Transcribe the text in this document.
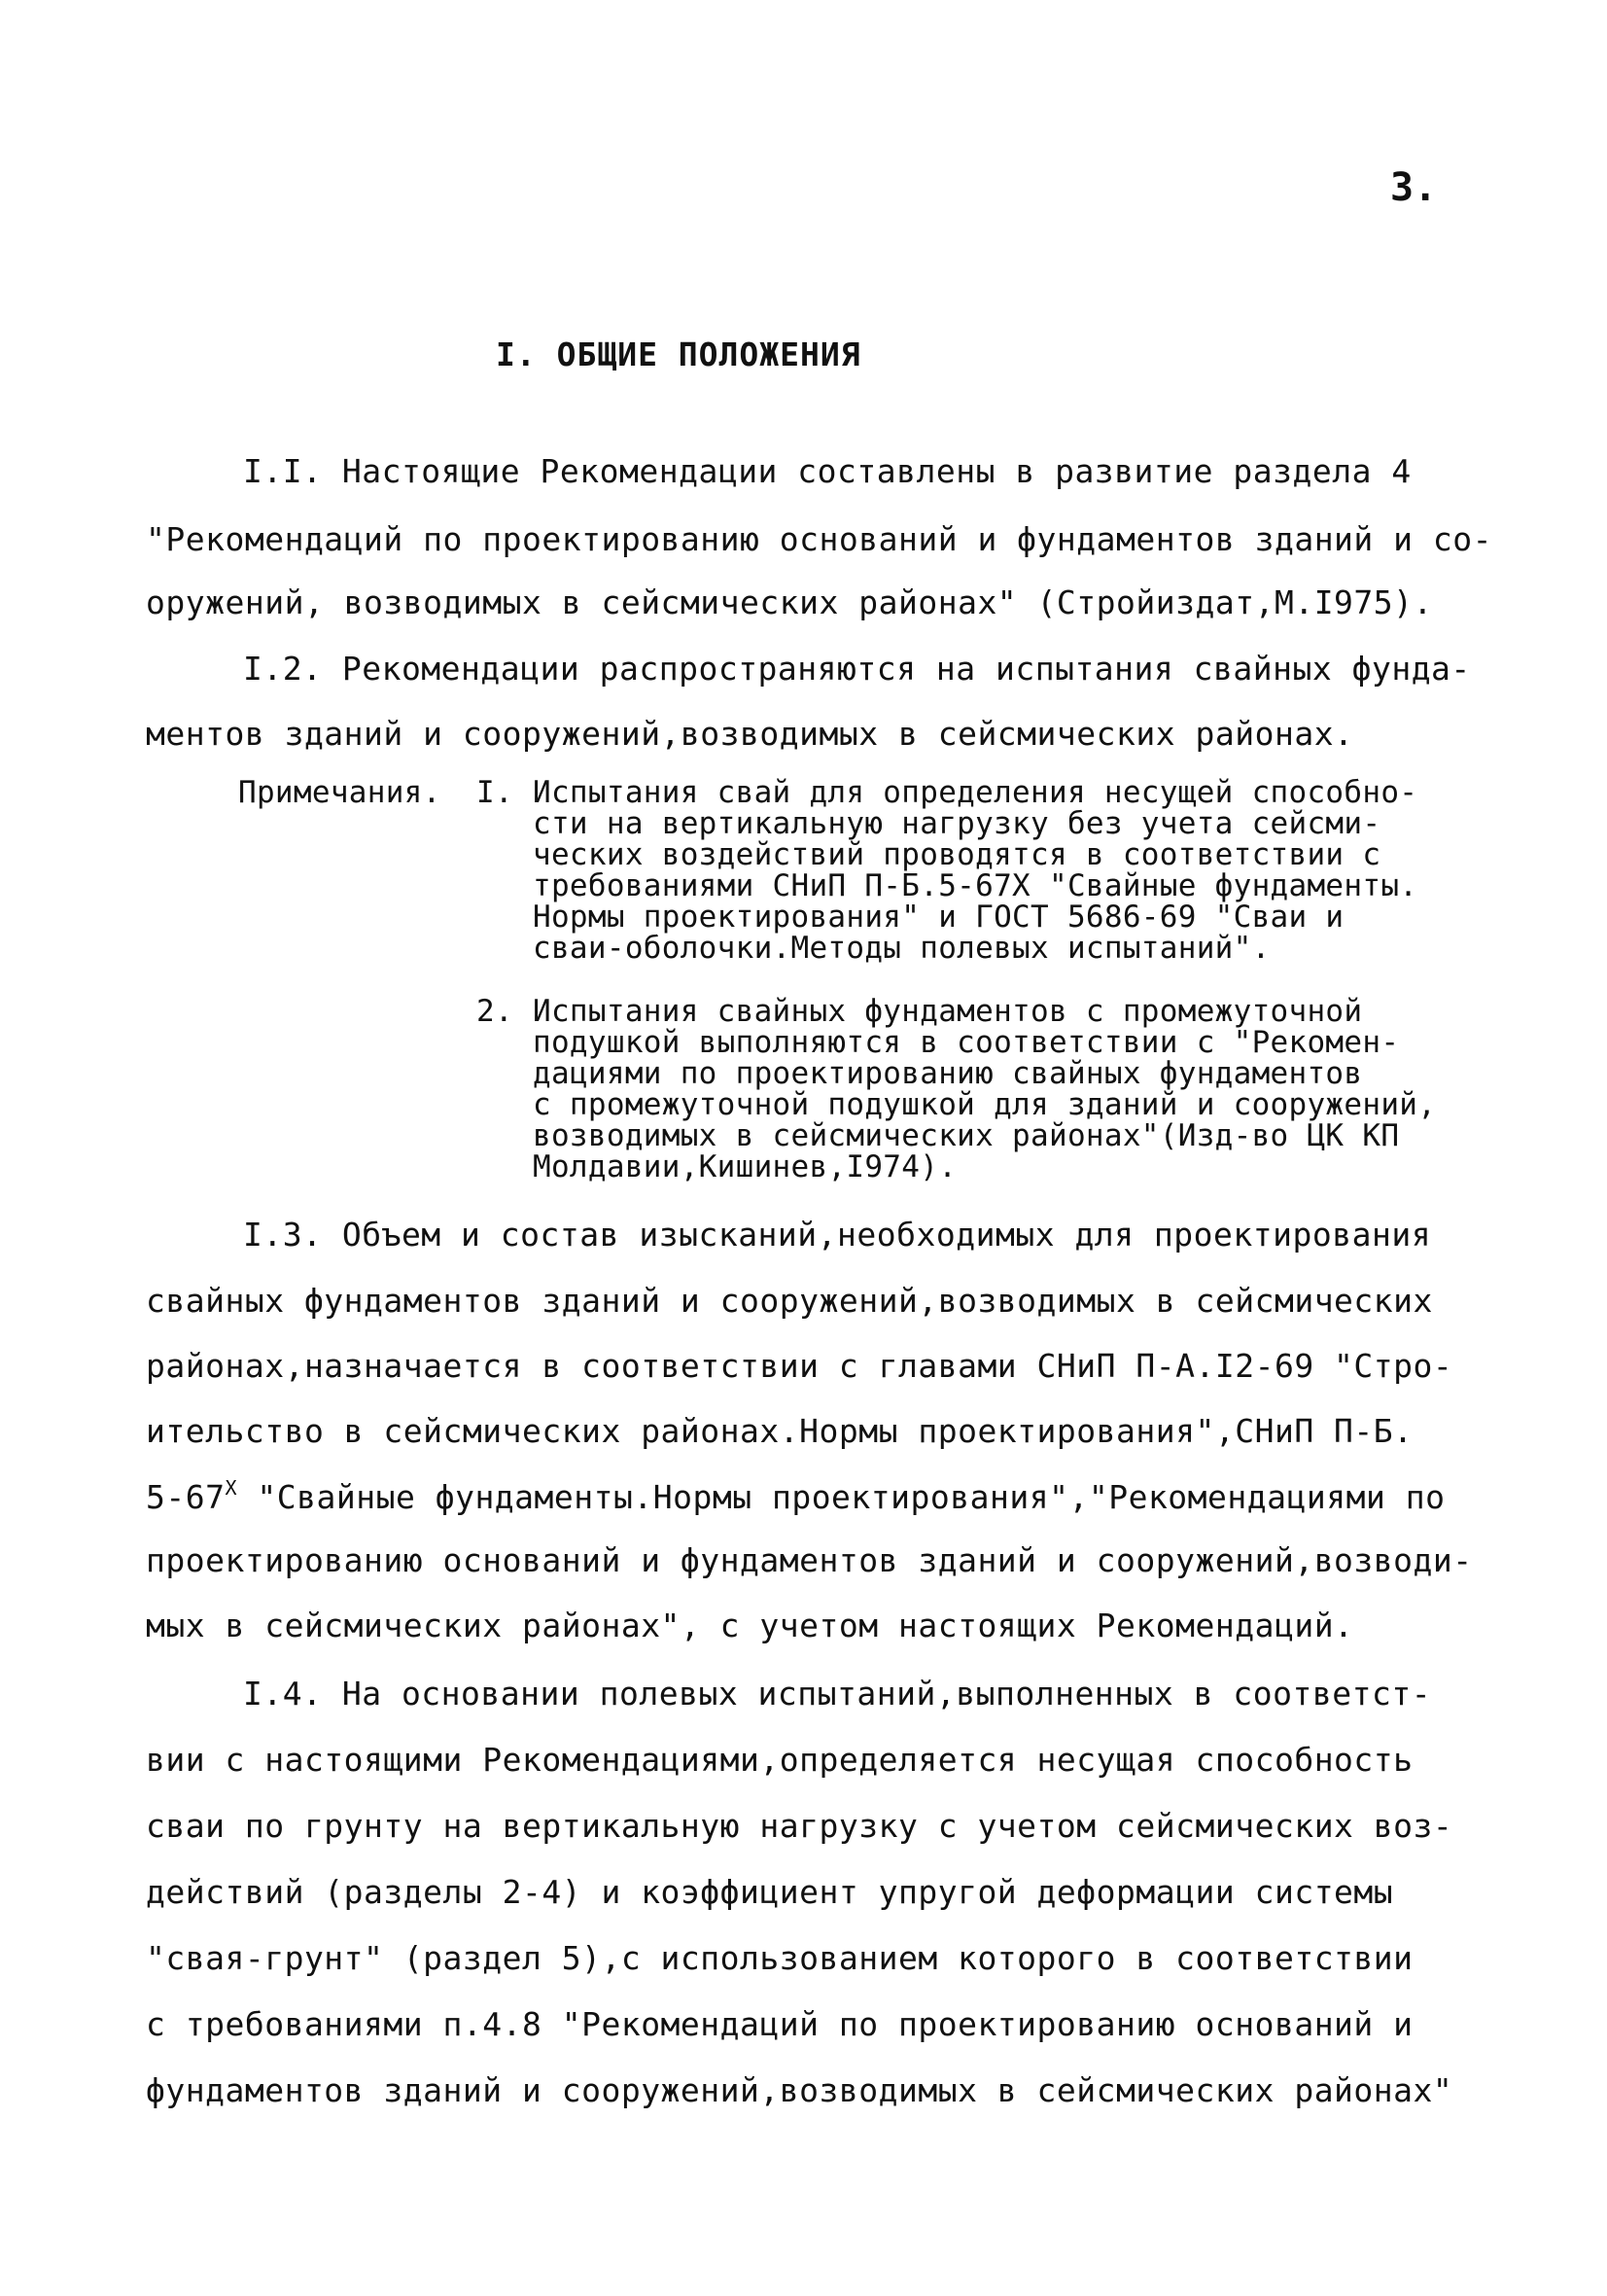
3.
I. ОБЩИЕ ПОЛОЖЕНИЯ
I.I. Настоящие Рекомендации составлены в развитие раздела 4
"Рекомендаций по проектированию оснований и фундаментов зданий и со-
оружений, возводимых в сейсмических районах" (Стройиздат,М.I975).
I.2. Рекомендации распространяются на испытания свайных фунда-
ментов зданий и сооружений,возводимых в сейсмических районах.
Примечания. I. Испытания свай для определения несущей способно-
сти на вертикальную нагрузку без учета сейсми-
ческих воздействий проводятся в соответствии с
требованиями СНиП П-Б.5-67Х "Свайные фундаменты.
Нормы проектирования" и ГОСТ 5686-69 "Сваи и
сваи-оболочки.Методы полевых испытаний".
2. Испытания свайных фундаментов с промежуточной
подушкой выполняются в соответствии с "Рекомен-
дациями по проектированию свайных фундаментов
с промежуточной подушкой для зданий и сооружений,
возводимых в сейсмических районах"(Изд-во ЦК КП
Молдавии,Кишинев,I974).
I.3. Объем и состав изысканий,необходимых для проектирования
свайных фундаментов зданий и сооружений,возводимых в сейсмических
районах,назначается в соответствии с главами СНиП П-А.I2-69 "Стро-
ительство в сейсмических районах.Нормы проектирования",СНиП П-Б.
$5-67^X$ "Свайные фундаменты.Нормы проектирования","Рекомендациями по
проектированию оснований и фундаментов зданий и сооружений,возводи-
мых в сейсмических районах", с учетом настоящих Рекомендаций.
I.4. На основании полевых испытаний,выполненных в соответст-
вии с настоящими Рекомендациями,определяется несущая способность
сваи по грунту на вертикальную нагрузку с учетом сейсмических воз-
действий (разделы 2-4) и коэффициент упругой деформации системы
"свая-грунт" (раздел 5),с использованием которого в соответствии
с требованиями п.4.8 "Рекомендаций по проектированию оснований и
фундаментов зданий и сооружений,возводимых в сейсмических районах"
